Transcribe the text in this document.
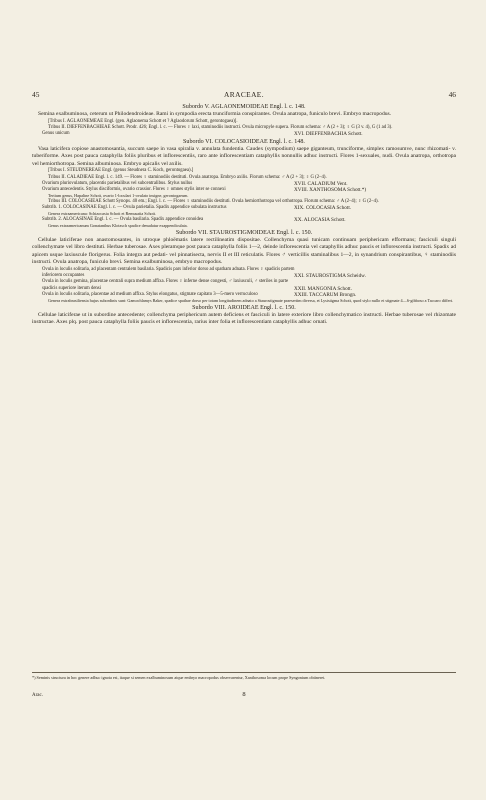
45	ARACEAE.	46
Subordo V. AGLAONEMOIDEAE Engl. l. c. 148.
Semina exalbuminosa, ceterum ut Philodendroideae. Rami in sympodia erecta trunciformia conspirantes. Ovula anatropa, funiculo brevi. Embryo macropodus.
[Tribus I. AGLAONEMEAE Engl. (gen. Aglaonema Schott et ? Aglaodorum Schott, gerontogaea)].
Tribus II. DIEFFENBACHIEAE Schott. Prodr. 426; Engl. l. c. — Flores ♀ laxi, staminodiis instructi. Ovula micropyle supera. Florum schema: ♂ A (2 + 3); ♀ G (3 v. 4), G (1 ad 3).
Genus unicum	XVI. DIEFFENBACHIA Schott.
Subordo VI. COLOCASIOIDEAE Engl. l. c. 148.
Vasa laticifera copiose anastomosantia, succum saepe in vasa spiralia v. annulata fundentia. Caudex (sympodium) saepe giganteum, trunciforme, simplex ramosumve, nunc rhizomati- v. tuberiforme. Axes post pauca cataphylla foliis pluribus et inflorescentiis, raro ante inflorescentiam cataphyllis nonnullis adhuc instructi. Flores 1-sexuales, nudi. Ovula anatropa, orthotropa vel hemiorthotropa. Semina albuminosa. Embryo apicalis vel axilis.
[Tribus I. STEUDNEREAE Engl. (genus Steudnera C. Koch, gerontogaea).]
Tribus II. CALADIEAE Engl. l. c. 149. — Flores ♀ staminodiis destituti. Ovula anatropa. Embryo axilis. Florum schema: ♂ A (2 + 3); ♀ G (2–4).
Ovarium pluriovulatum, placentis parietalibus vel subcentralibus. Stylus nullus	XVII. CALADIUM Vent.
Ovarium antecedentis. Stylus disciformis, ovario crassior. Flores ♀ omnes stylis inter se connexi	XVIII. XANTHOSOMA Schott.*)
Tertium genus, Hapaline Schott, ovario 1-loculari 1-ovulato insigne, gerontogaeum.
Tribus III. COLOCASIEAE Schott Synops. 40 em.; Engl. l. c. — Flores ♀ staminodiis destituti. Ovula hemiorthotropa vel orthotropa. Florum schema: ♂ A (2–4); ♀ G (2–4).
Subtrib. 1. COLOCASINAE Engl. l. c. — Ovula parietalia. Spadix appendice subulata instructus	XIX. COLOCASIA Schott.
Genera extraamericana: Schizocasia Schott et Remusatia Schott.
Subtrib. 2. ALOCASINAE Engl. l. c. — Ovula basilaria. Spadix appendice conoidea	XX. ALOCASIA Schott.
Genus extraamericanum Gonatanthus Klotzsch spadice denudatur exappendiculata.
Subordo VII. STAUROSTIGMOIDEAE Engl. l. c. 150.
Cellulae laticiferae non anastomosantes, in utroque phloëmatis latere rectilineatim dispositae. Collenchyma quasi tunicam continuam periphericam efformans; fasciculi singuli collenchymate vel libro destituti. Herbae tuberosae. Axes pleramque post pauca cataphylla foliis 1—2, deinde inflorescentia vel cataphyllis adhuc paucis et inflorescentia instructi. Spadix ad apicem usque laxiuscule florigerus. Folia integra aut pedati- vel pinnatisecta, nervis II et III reticulatis. Flores ♂ verticillis staminalibus 1—2, in synandrium conspirantibus, ♀ staminodiis instructi. Ovula anatropa, funiculo brevi. Semina exalbuminosa, embryo macropodus.
Ovula in loculis solitaria, ad placentam centralem basilaria. Spadicis pars inferior dorso ad spatham adnata. Flores ♀ spadicis partem inferiorem occupantes	XXI. STAUROSTIGMA Scheidw.
Ovula in loculis gemina, placentae centrali supra medium affixa. Flores ♀ inferne dense congesti, ♂ laxiusculi, ♂ steriles in parte spadicis superiore iterum densi	XXII. MANGONIA Schott.
Ovula in loculis solitaria, placentae ad medium affixa. Stylus elongatus, stigmate capitato 3—5-mero verruculoso	XXIII. TACCARUM Brongn.
Genera extrabrasiliensia hujus subordinis sunt: Gamochlamys Baker, spadice spathae dorso per totam longitudinem adnato a Staurostigmate praesertim diversa, et Lysistigma Schott, quod stylo nullo et stigmate 4—6-gibboso a Taccaro differt.
Subordo VIII. AROIDEAE Engl. l. c. 150.
Cellulae laticiferae ut in subordine antecedente; collenchyma periphericum autem deficiens et fasciculi in latere exteriore libro collenchymatico instructi. Herbae tuberosae vel rhizomate instructae. Axes plq. post pauca cataphylla foliis paucis et inflorescentia, rarius inter folia et inflorescentiam cataphyllis adhuc ornati.
*) Seminis structura in hoc genere adhuc ignota est, itaque si semen exalbuminosum atque embryo macropodus observarentur, Xanthosoma locum prope Syngonium obtineret.
Arac.	8
